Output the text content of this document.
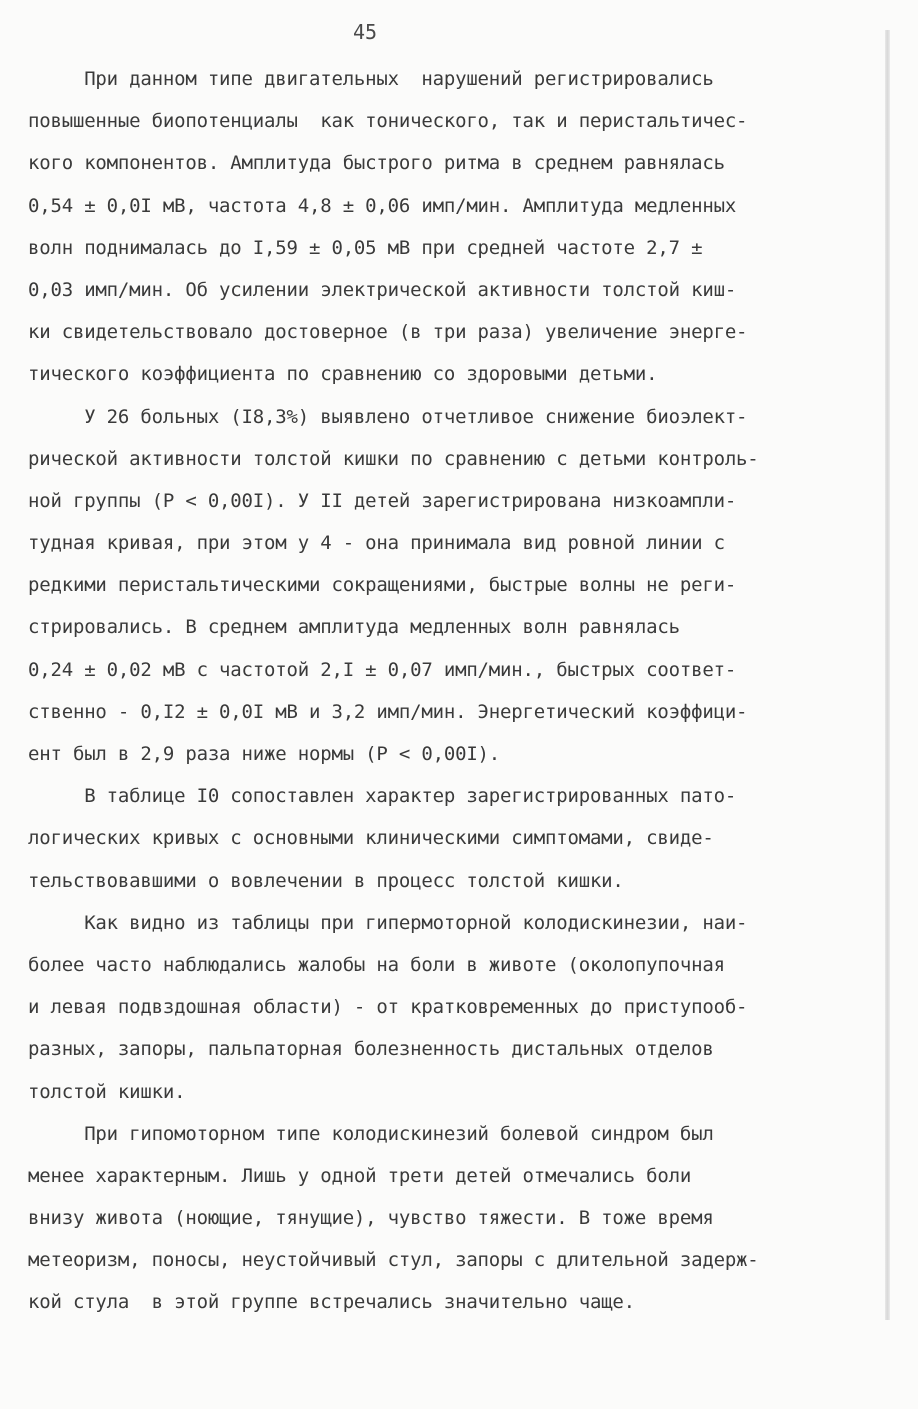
45
При данном типе двигательных  нарушений регистрировались
повышенные биопотенциалы  как тонического, так и перистальтичес-
кого компонентов. Амплитуда быстрого ритма в среднем равнялась
0,54 ± 0,0I мВ, частота 4,8 ± 0,06 имп/мин. Амплитуда медленных
волн поднималась до I,59 ± 0,05 мВ при средней частоте 2,7 ±
0,03 имп/мин. Об усилении электрической активности толстой киш-
ки свидетельствовало достоверное (в три раза) увеличение энерге-
тического коэффициента по сравнению со здоровыми детьми.
У 26 больных (I8,3%) выявлено отчетливое снижение биоэлект-
рической активности толстой кишки по сравнению с детьми контроль-
ной группы (Р < 0,00I). У II детей зарегистрирована низкоампли-
тудная кривая, при этом у 4 - она принимала вид ровной линии с
редкими перистальтическими сокращениями, быстрые волны не реги-
стрировались. В среднем амплитуда медленных волн равнялась
0,24 ± 0,02 мВ с частотой 2,I ± 0,07 имп/мин., быстрых соответ-
ственно - 0,I2 ± 0,0I мВ и 3,2 имп/мин. Энергетический коэффици-
ент был в 2,9 раза ниже нормы (Р < 0,00I).
В таблице I0 сопоставлен характер зарегистрированных пато-
логических кривых с основными клиническими симптомами, свиде-
тельствовавшими о вовлечении в процесс толстой кишки.
Как видно из таблицы при гипермоторной колодискинезии, наи-
более часто наблюдались жалобы на боли в животе (околопупочная
и левая подвздошная области) - от кратковременных до приступооб-
разных, запоры, пальпаторная болезненность дистальных отделов
толстой кишки.
При гипомоторном типе колодискинезий болевой синдром был
менее характерным. Лишь у одной трети детей отмечались боли
внизу живота (ноющие, тянущие), чувство тяжести. В тоже время
метеоризм, поносы, неустойчивый стул, запоры с длительной задерж-
кой стула  в этой группе встречались значительно чаще.
